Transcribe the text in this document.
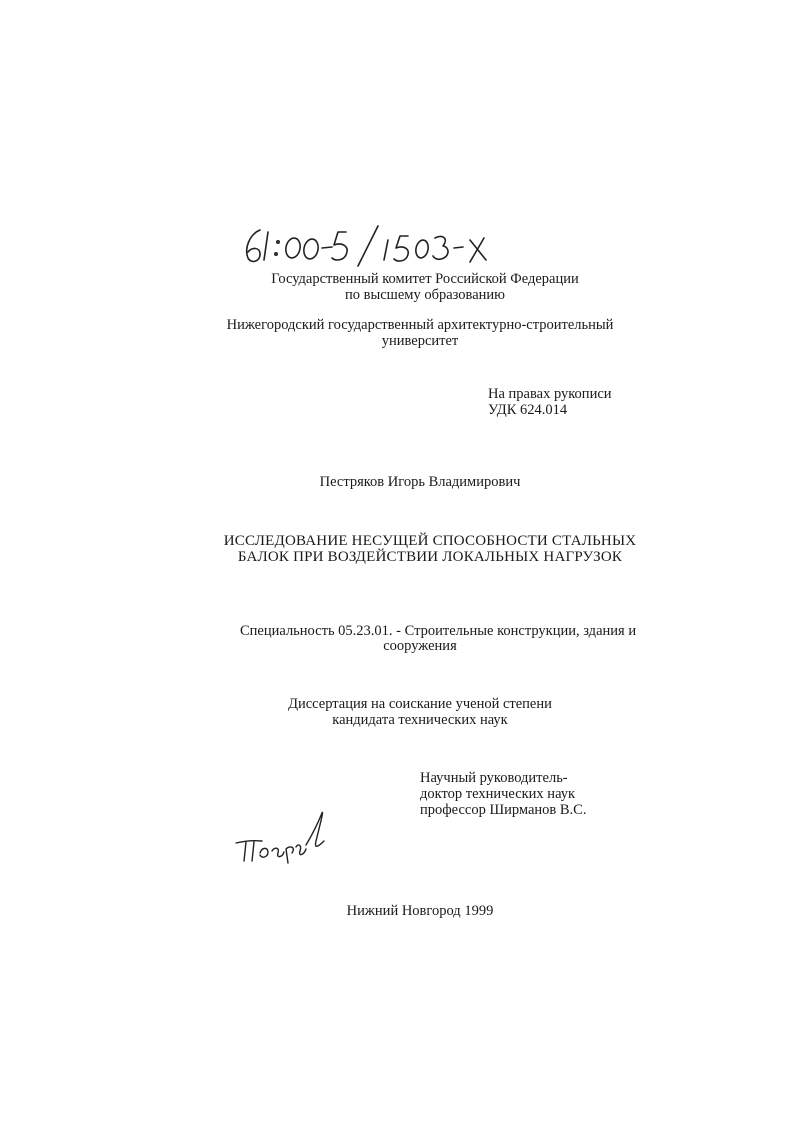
Государственный комитет Российской Федерации
по высшему образованию
Нижегородский государственный архитектурно-строительный
университет
На правах рукописи
УДК 624.014
Пестряков Игорь Владимирович
ИССЛЕДОВАНИЕ НЕСУЩЕЙ СПОСОБНОСТИ СТАЛЬНЫХ
БАЛОК ПРИ ВОЗДЕЙСТВИИ ЛОКАЛЬНЫХ НАГРУЗОК
Специальность 05.23.01. - Строительные конструкции, здания и
сооружения
Диссертация на соискание ученой степени
кандидата технических наук
Научный руководитель-
доктор технических наук
профессор Ширманов В.С.
Нижний Новгород 1999
